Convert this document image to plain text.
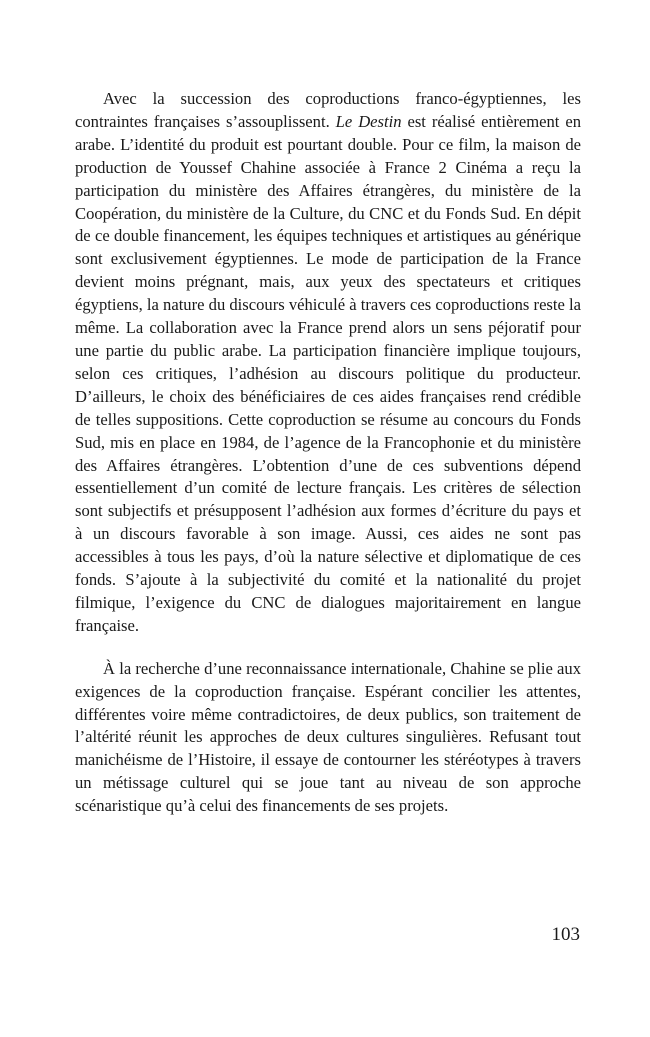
Avec la succession des coproductions franco-égyptiennes, les contraintes françaises s’assouplissent. Le Destin est réalisé entièrement en arabe. L’identité du produit est pourtant double. Pour ce film, la maison de production de Youssef Chahine associée à France 2 Cinéma a reçu la participation du ministère des Affaires étrangères, du ministère de la Coopération, du ministère de la Culture, du CNC et du Fonds Sud. En dépit de ce double financement, les équipes techniques et artistiques au générique sont exclusivement égyptiennes. Le mode de participation de la France devient moins prégnant, mais, aux yeux des spectateurs et critiques égyptiens, la nature du discours véhiculé à travers ces coproductions reste la même. La collaboration avec la France prend alors un sens péjoratif pour une partie du public arabe. La participation financière implique toujours, selon ces critiques, l’adhésion au discours politique du producteur. D’ailleurs, le choix des bénéficiaires de ces aides françaises rend crédible de telles suppositions. Cette coproduction se résume au concours du Fonds Sud, mis en place en 1984, de l’agence de la Francophonie et du ministère des Affaires étrangères. L’obtention d’une de ces subventions dépend essentiellement d’un comité de lecture français. Les critères de sélection sont subjectifs et présupposent l’adhésion aux formes d’écriture du pays et à un discours favorable à son image. Aussi, ces aides ne sont pas accessibles à tous les pays, d’où la nature sélective et diplomatique de ces fonds. S’ajoute à la subjectivité du comité et la nationalité du projet filmique, l’exigence du CNC de dialogues majoritairement en langue française.

À la recherche d’une reconnaissance internationale, Chahine se plie aux exigences de la coproduction française. Espérant concilier les attentes, différentes voire même contradictoires, de deux publics, son traitement de l’altérité réunit les approches de deux cultures singulières. Refusant tout manichéisme de l’Histoire, il essaye de contourner les stéréotypes à travers un métissage culturel qui se joue tant au niveau de son approche scénaristique qu’à celui des financements de ses projets.

103
